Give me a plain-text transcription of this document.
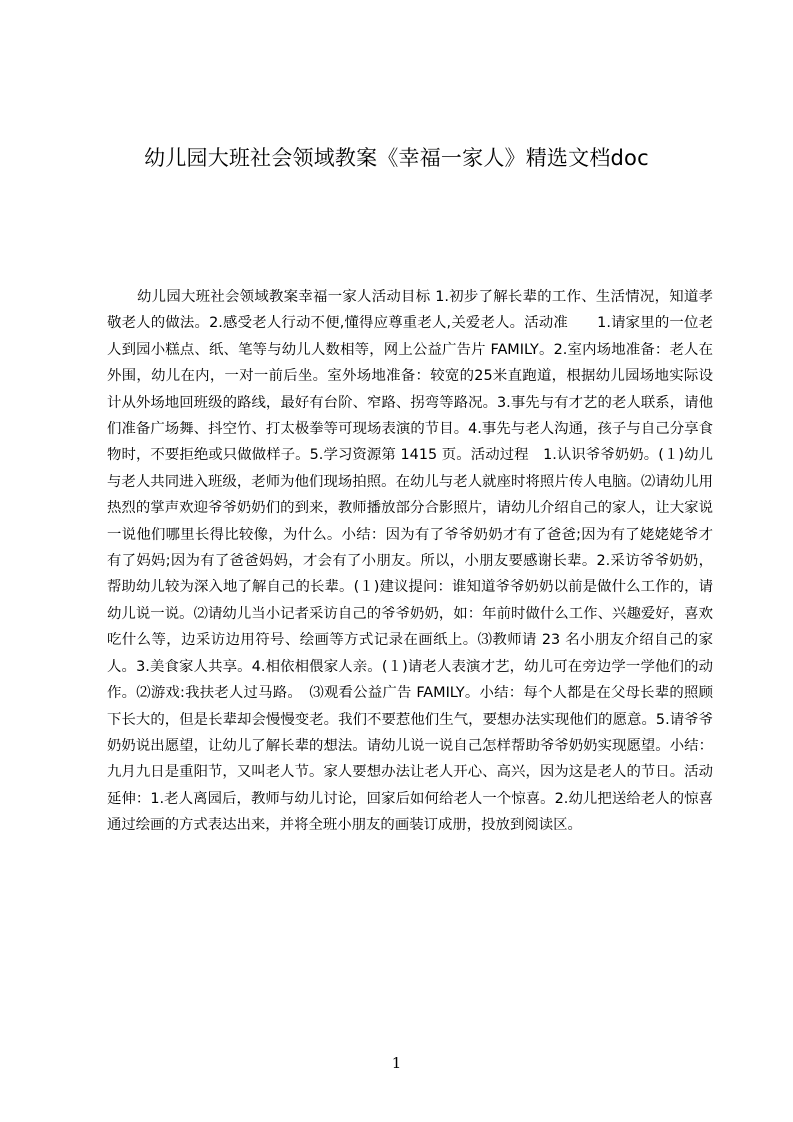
幼儿园大班社会领域教案《幸福一家人》精选文档doc

幼儿园大班社会领域教案幸福一家人活动目标 1.初步了解长辈的工作、生活情况，知道孝敬老人的做法。2.感受老人行动不便,懂得应尊重老人,关爱老人。活动准　　1.请家里的一位老人到园小糕点、纸、笔等与幼儿人数相等，网上公益广告片 FAMILY。2.室内场地准备：老人在外围，幼儿在内，一对一前后坐。室外场地准备：较宽的25米直跑道，根据幼儿园场地实际设计从外场地回班级的路线，最好有台阶、窄路、拐弯等路况。3.事先与有才艺的老人联系，请他们准备广场舞、抖空竹、打太极拳等可现场表演的节目。4.事先与老人沟通，孩子与自己分享食物时，不要拒绝或只做做样子。5.学习资源第 1415 页。活动过程　1.认识爷爷奶奶。(１)幼儿与老人共同进入班级，老师为他们现场拍照。在幼儿与老人就座时将照片传人电脑。⑵请幼儿用热烈的掌声欢迎爷爷奶奶们的到来，教师播放部分合影照片，请幼儿介绍自己的家人，让大家说一说他们哪里长得比较像，为什么。小结：因为有了爷爷奶奶才有了爸爸;因为有了姥姥姥爷才有了妈妈;因为有了爸爸妈妈，才会有了小朋友。所以，小朋友要感谢长辈。2.采访爷爷奶奶，帮助幼儿较为深入地了解自己的长辈。(１)建议提问：谁知道爷爷奶奶以前是做什么工作的，请幼儿说一说。⑵请幼儿当小记者采访自己的爷爷奶奶，如：年前时做什么工作、兴趣爱好，喜欢吃什么等，边采访边用符号、绘画等方式记录在画纸上。⑶教师请 23 名小朋友介绍自己的家人。3.美食家人共享。4.相依相偎家人亲。(１)请老人表演才艺，幼儿可在旁边学一学他们的动作。⑵游戏:我扶老人过马路。　⑶观看公益广告 FAMILY。小结：每个人都是在父母长辈的照顾下长大的，但是长辈却会慢慢变老。我们不要惹他们生气，要想办法实现他们的愿意。5.请爷爷奶奶说出愿望，让幼儿了解长辈的想法。请幼儿说一说自己怎样帮助爷爷奶奶实现愿望。小结：九月九日是重阳节，又叫老人节。家人要想办法让老人开心、高兴，因为这是老人的节日。活动延伸：1.老人离园后，教师与幼儿讨论，回家后如何给老人一个惊喜。2.幼儿把送给老人的惊喜通过绘画的方式表达出来，并将全班小朋友的画装订成册，投放到阅读区。

1
